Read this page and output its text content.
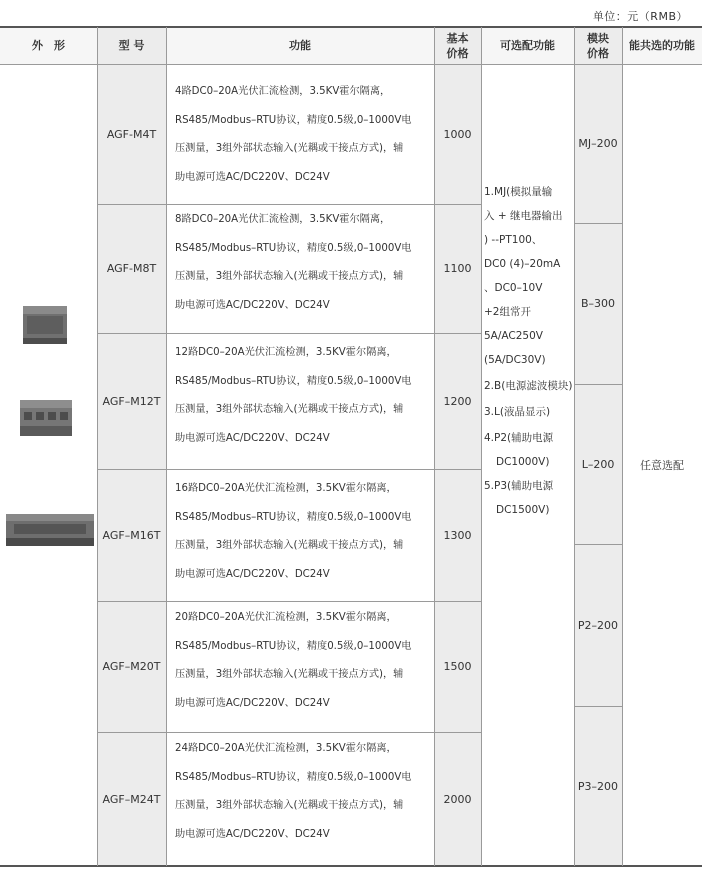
单位：元（RMB）
外　形	型 号	功能
基本
价格
可选配功能
模块
价格
能共选的功能
AGF-M4T
4路DC0–20A光伏汇流检测，3.5KV霍尔隔离，
RS485/Modbus–RTU协议，精度0.5级,0–1000V电
压测量，3组外部状态输入(光耦或干接点方式)，辅
助电源可选AC/DC220V、DC24V
1000
AGF-M8T
8路DC0–20A光伏汇流检测，3.5KV霍尔隔离，
RS485/Modbus–RTU协议，精度0.5级,0–1000V电
压测量，3组外部状态输入(光耦或干接点方式)，辅
助电源可选AC/DC220V、DC24V
1100
AGF–M12T
12路DC0–20A光伏汇流检测，3.5KV霍尔隔离，
RS485/Modbus–RTU协议，精度0.5级,0–1000V电
压测量，3组外部状态输入(光耦或干接点方式)，辅
助电源可选AC/DC220V、DC24V
1200
AGF–M16T
16路DC0–20A光伏汇流检测，3.5KV霍尔隔离，
RS485/Modbus–RTU协议，精度0.5级,0–1000V电
压测量，3组外部状态输入(光耦或干接点方式)，辅
助电源可选AC/DC220V、DC24V
1300
AGF–M20T
20路DC0–20A光伏汇流检测，3.5KV霍尔隔离，
RS485/Modbus–RTU协议，精度0.5级,0–1000V电
压测量，3组外部状态输入(光耦或干接点方式)，辅
助电源可选AC/DC220V、DC24V
1500
AGF–M24T
24路DC0–20A光伏汇流检测，3.5KV霍尔隔离，
RS485/Modbus–RTU协议，精度0.5级,0–1000V电
压测量，3组外部状态输入(光耦或干接点方式)，辅
助电源可选AC/DC220V、DC24V
2000
1.MJ(模拟量输
入 + 继电器输出
) --PT100、
DC0 (4)–20mA
、DC0–10V
+2组常开
5A/AC250V
(5A/DC30V)
2.B(电源滤波模块)
3.L(液晶显示)
4.P2(辅助电源
DC1000V)
5.P3(辅助电源
DC1500V)
MJ–200
B–300
L–200
P2–200
P3–200
任意选配
